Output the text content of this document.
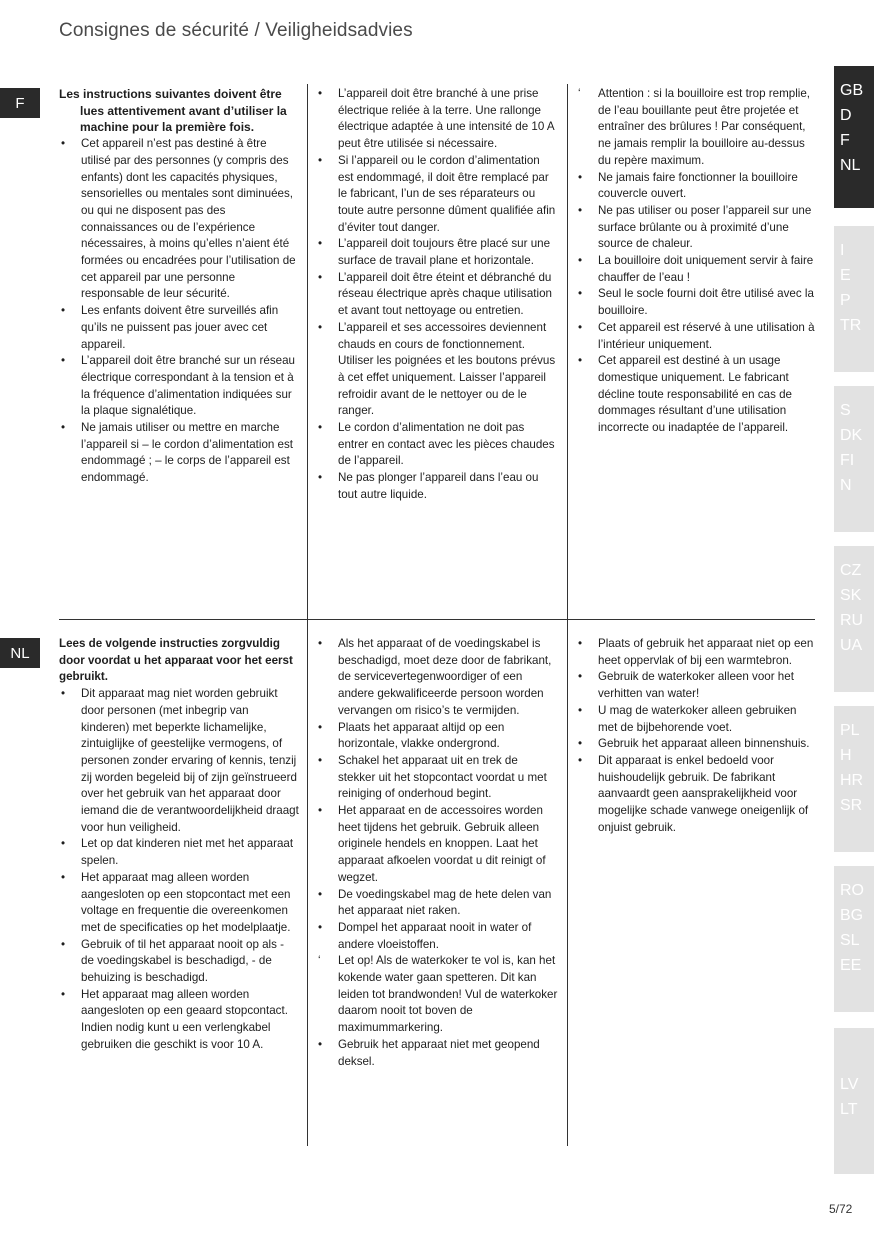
Consignes de sécurité / Veiligheidsadvies
F
NL

Les instructions suivantes doivent être lues attentivement avant d’utiliser la machine pour la première fois.

• Cet appareil n’est pas destiné à être utilisé par des personnes (y compris des enfants) dont les capacités physiques, sensorielles ou mentales sont diminuées, ou qui ne disposent pas des connaissances ou de l’expérience nécessaires, à moins qu’elles n’aient été formées ou encadrées pour l’utilisation de cet appareil par une personne responsable de leur sécurité.
• Les enfants doivent être surveillés afin qu’ils ne puissent pas jouer avec cet appareil.
• L’appareil doit être branché sur un réseau électrique correspondant à la tension et à la fréquence d’alimentation indiquées sur la plaque signalétique.
• Ne jamais utiliser ou mettre en marche l’appareil si – le cordon d’alimentation est endommagé ; – le corps de l’appareil est endommagé.
• L’appareil doit être branché à une prise électrique reliée à la terre. Une rallonge électrique adaptée à une intensité de 10 A peut être utilisée si nécessaire.
• Si l’appareil ou le cordon d’alimentation est endommagé, il doit être remplacé par le fabricant, l’un de ses réparateurs ou toute autre personne dûment qualifiée afin d’éviter tout danger.
• L’appareil doit toujours être placé sur une surface de travail plane et horizontale.
• L’appareil doit être éteint et débranché du réseau électrique après chaque utilisation et avant tout nettoyage ou entretien.
• L’appareil et ses accessoires deviennent chauds en cours de fonctionnement. Utiliser les poignées et les boutons prévus à cet effet uniquement. Laisser l’appareil refroidir avant de le nettoyer ou de le ranger.
• Le cordon d’alimentation ne doit pas entrer en contact avec les pièces chaudes de l’appareil.
• Ne pas plonger l’appareil dans l’eau ou tout autre liquide.
‘ Attention : si la bouilloire est trop remplie, de l’eau bouillante peut être projetée et entraîner des brûlures ! Par conséquent, ne jamais remplir la bouilloire au-dessus du repère maximum.
• Ne jamais faire fonctionner la bouilloire couvercle ouvert.
• Ne pas utiliser ou poser l’appareil sur une surface brûlante ou à proximité d’une source de chaleur.
• La bouilloire doit uniquement servir à faire chauffer de l’eau !
• Seul le socle fourni doit être utilisé avec la bouilloire.
• Cet appareil est réservé à une utilisation à l’intérieur uniquement.
• Cet appareil est destiné à un usage domestique uniquement. Le fabricant décline toute responsabilité en cas de dommages résultant d’une utilisation incorrecte ou inadaptée de l’appareil.

Lees de volgende instructies zorgvuldig door voordat u het apparaat voor het eerst gebruikt.

• Dit apparaat mag niet worden gebruikt door personen (met inbegrip van kinderen) met beperkte lichamelijke, zintuiglijke of geestelijke vermogens, of personen zonder ervaring of kennis, tenzij zij worden begeleid bij of zijn geïnstrueerd over het gebruik van het apparaat door iemand die de verantwoordelijkheid draagt voor hun veiligheid.
• Let op dat kinderen niet met het apparaat spelen.
• Het apparaat mag alleen worden aangesloten op een stopcontact met een voltage en frequentie die overeenkomen met de specificaties op het modelplaatje.
• Gebruik of til het apparaat nooit op als - de voedingskabel is beschadigd, - de behuizing is beschadigd.
• Het apparaat mag alleen worden aangesloten op een geaard stopcontact. Indien nodig kunt u een verlengkabel gebruiken die geschikt is voor 10 A.
• Als het apparaat of de voedingskabel is beschadigd, moet deze door de fabrikant, de servicevertegenwoordiger of een andere gekwalificeerde persoon worden vervangen om risico’s te vermijden.
• Plaats het apparaat altijd op een horizontale, vlakke ondergrond.
• Schakel het apparaat uit en trek de stekker uit het stopcontact voordat u met reiniging of onderhoud begint.
• Het apparaat en de accessoires worden heet tijdens het gebruik. Gebruik alleen originele hendels en knoppen. Laat het apparaat afkoelen voordat u dit reinigt of wegzet.
• De voedingskabel mag de hete delen van het apparaat niet raken.
• Dompel het apparaat nooit in water of andere vloeistoffen.
‘ Let op! Als de waterkoker te vol is, kan het kokende water gaan spetteren. Dit kan leiden tot brandwonden! Vul de waterkoker daarom nooit tot boven de maximummarkering.
• Gebruik het apparaat niet met geopend deksel.
• Plaats of gebruik het apparaat niet op een heet oppervlak of bij een warmtebron.
• Gebruik de waterkoker alleen voor het verhitten van water!
• U mag de waterkoker alleen gebruiken met de bijbehorende voet.
• Gebruik het apparaat alleen binnenshuis.
• Dit apparaat is enkel bedoeld voor huishoudelijk gebruik. De fabrikant aanvaardt geen aansprakelijkheid voor mogelijke schade vanwege oneigenlijk of onjuist gebruik.
GB
D
F
NL
I
E
P
TR
S
DK
FI
N
CZ
SK
RU
UA
PL
H
HR
SR
RO
BG
SL
EE
LV
LT
5/72
